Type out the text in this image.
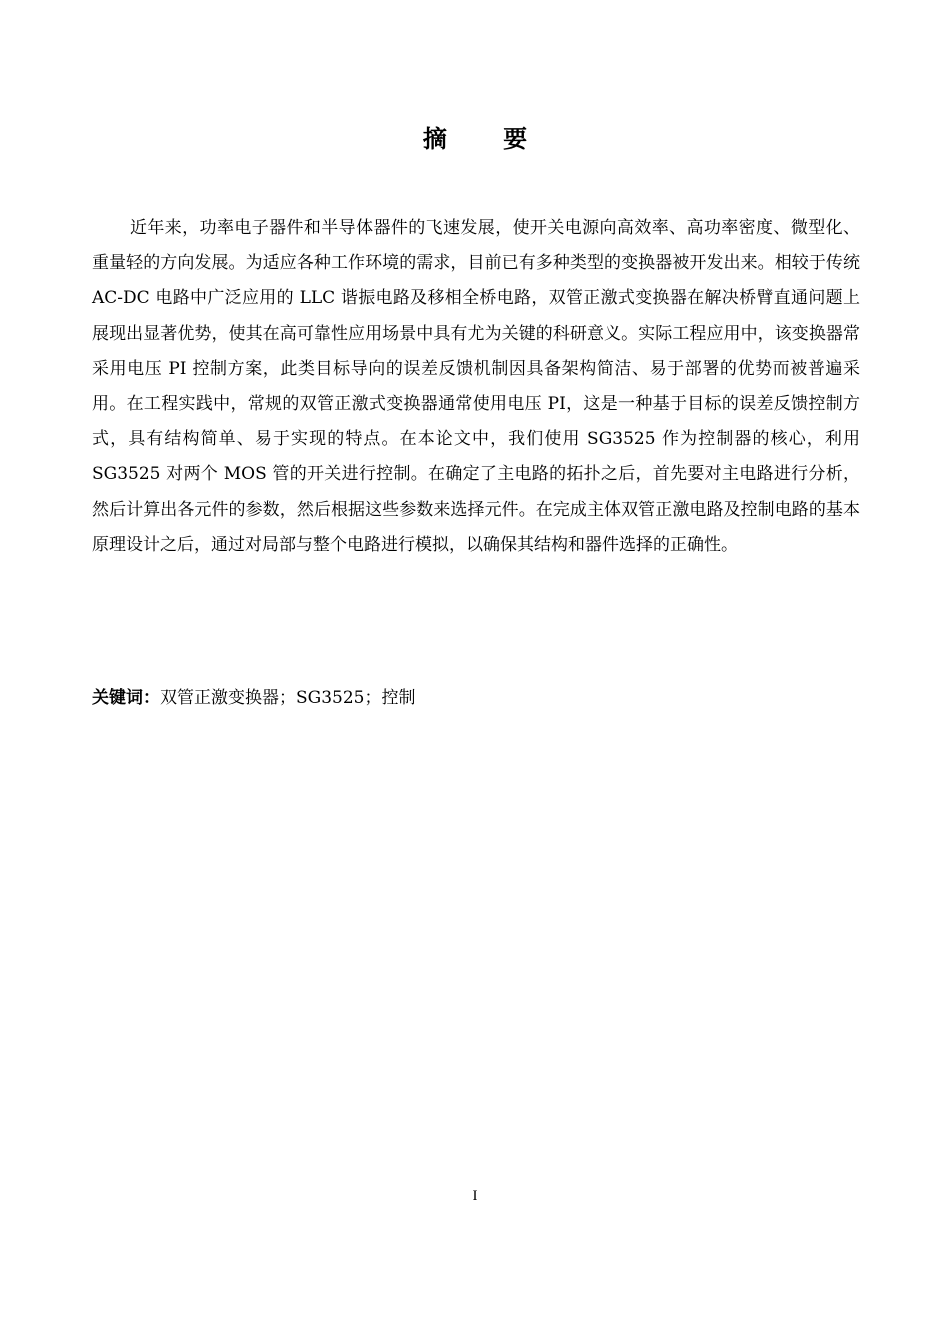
摘 要

近年来，功率电子器件和半导体器件的飞速发展，使开关电源向高效率、高功率密度、微型化、重量轻的方向发展。为适应各种工作环境的需求，目前已有多种类型的变换器被开发出来。相较于传统 AC-DC 电路中广泛应用的 LLC 谐振电路及移相全桥电路，双管正激式变换器在解决桥臂直通问题上展现出显著优势，使其在高可靠性应用场景中具有尤为关键的科研意义。实际工程应用中，该变换器常采用电压 PI 控制方案，此类目标导向的误差反馈机制因具备架构简洁、易于部署的优势而被普遍采用。在工程实践中，常规的双管正激式变换器通常使用电压 PI，这是一种基于目标的误差反馈控制方式，具有结构简单、易于实现的特点。在本论文中，我们使用 SG3525 作为控制器的核心，利用 SG3525 对两个 MOS 管的开关进行控制。在确定了主电路的拓扑之后，首先要对主电路进行分析，然后计算出各元件的参数，然后根据这些参数来选择元件。在完成主体双管正激电路及控制电路的基本原理设计之后，通过对局部与整个电路进行模拟，以确保其结构和器件选择的正确性。

关键词：双管正激变换器；SG3525；控制
I
